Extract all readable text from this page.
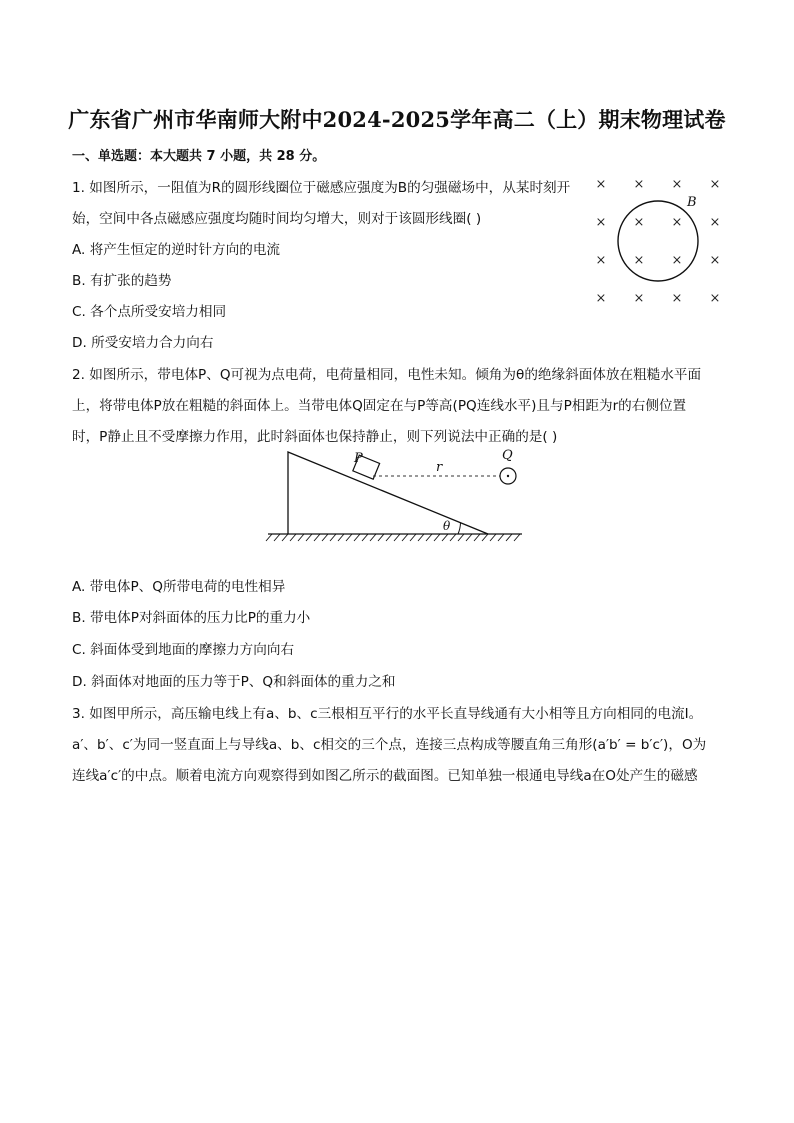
广东省广州市华南师大附中2024-2025学年高二（上）期末物理试卷
一、单选题：本大题共 7 小题，共 28 分。
1. 如图所示，一阻值为R的圆形线圈位于磁感应强度为B的匀强磁场中，从某时刻开
始，空间中各点磁感应强度均随时间均匀增大，则对于该圆形线圈( )
A. 将产生恒定的逆时针方向的电流
B. 有扩张的趋势
C. 各个点所受安培力相同
D. 所受安培力合力向右
× × × ×
× × × ×
× × × ×
× × × ×
B
2. 如图所示，带电体P、Q可视为点电荷，电荷量相同，电性未知。倾角为θ的绝缘斜面体放在粗糙水平面
上，将带电体P放在粗糙的斜面体上。当带电体Q固定在与P等高(PQ连线水平)且与P相距为r的右侧位置
时，P静止且不受摩擦力作用，此时斜面体也保持静止，则下列说法中正确的是( )
θ
P
r
Q
A. 带电体P、Q所带电荷的电性相异
B. 带电体P对斜面体的压力比P的重力小
C. 斜面体受到地面的摩擦力方向向右
D. 斜面体对地面的压力等于P、Q和斜面体的重力之和
3. 如图甲所示，高压输电线上有a、b、c三根相互平行的水平长直导线通有大小相等且方向相同的电流I。
a′、b′、c′为同一竖直面上与导线a、b、c相交的三个点，连接三点构成等腰直角三角形(a′b′ = b′c′)，O为
连线a′c′的中点。顺着电流方向观察得到如图乙所示的截面图。已知单独一根通电导线a在O处产生的磁感
